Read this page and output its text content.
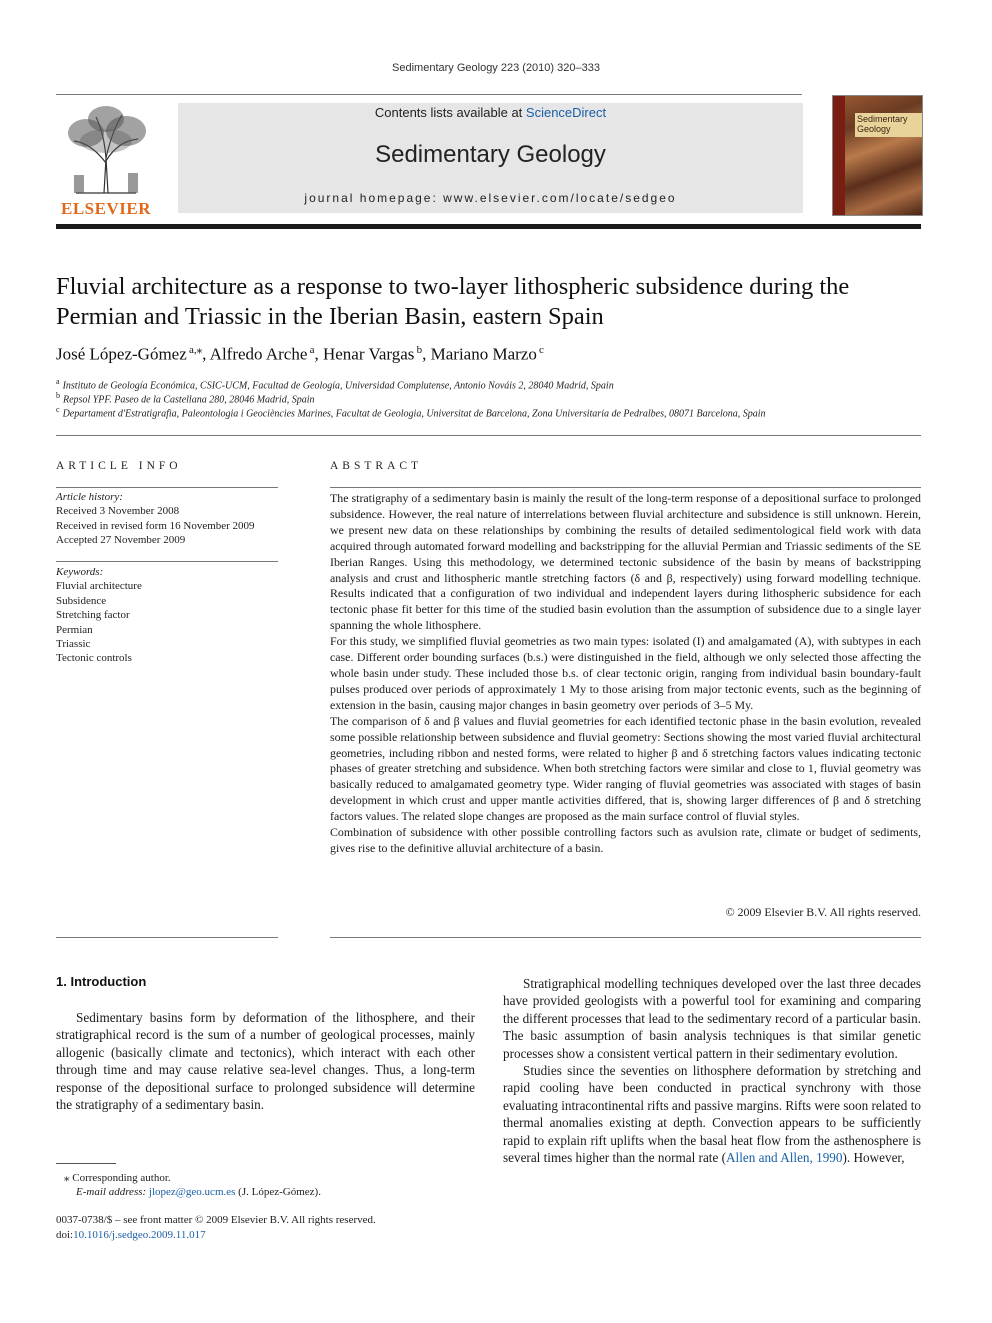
Sedimentary Geology 223 (2010) 320–333
ELSEVIER
Contents lists available at ScienceDirect
Sedimentary Geology
journal homepage: www.elsevier.com/locate/sedgeo
Sedimentary Geology
Fluvial architecture as a response to two-layer lithospheric subsidence during the
Permian and Triassic in the Iberian Basin, eastern Spain
José López-Gómez  $^{a,⁎}$, Alfredo Arche  $^a$, Henar Vargas  $^b$, Mariano Marzo  $^c$
$^a$ Instituto de Geología Económica, CSIC-UCM, Facultad de Geología, Universidad Complutense, Antonio Nováis 2, 28040 Madrid, Spain
$^b$ Repsol YPF. Paseo de la Castellana 280, 28046 Madrid, Spain
$^c$ Departament d'Estratigrafia, Paleontologia i Geociències Marines, Facultat de Geologia, Universitat de Barcelona, Zona Universitaria de Pedralbes, 08071 Barcelona, Spain
ARTICLE INFO
Article history:
Received 3 November 2008
Received in revised form 16 November 2009
Accepted 27 November 2009
Keywords:
Fluvial architecture
Subsidence
Stretching factor
Permian
Triassic
Tectonic controls
ABSTRACT

The stratigraphy of a sedimentary basin is mainly the result of the long-term response of a depositional surface to prolonged subsidence. However, the real nature of interrelations between fluvial architecture and subsidence is still unknown. Herein, we present new data on these relationships by combining the results of detailed sedimentological field work with data acquired through automated forward modelling and backstripping for the alluvial Permian and Triassic sediments of the SE Iberian Ranges. Using this methodology, we determined tectonic subsidence of the basin by means of backstripping analysis and crust and lithospheric mantle stretching factors (δ and β, respectively) using forward modelling technique. Results indicated that a configuration of two individual and independent layers during lithospheric subsidence for each tectonic phase fit better for this time of the studied basin evolution than the assumption of subsidence due to a single layer spanning the whole lithosphere.

For this study, we simplified fluvial geometries as two main types: isolated (I) and amalgamated (A), with subtypes in each case. Different order bounding surfaces (b.s.) were distinguished in the field, although we only selected those affecting the whole basin under study. These included those b.s. of clear tectonic origin, ranging from individual basin boundary-fault pulses produced over periods of approximately 1 My to those arising from major tectonic events, such as the beginning of extension in the basin, causing major changes in basin geometry over periods of 3–5 My.

The comparison of δ and β values and fluvial geometries for each identified tectonic phase in the basin evolution, revealed some possible relationship between subsidence and fluvial geometry: Sections showing the most varied fluvial architectural geometries, including ribbon and nested forms, were related to higher β and δ stretching factors values indicating tectonic phases of greater stretching and subsidence. When both stretching factors were similar and close to 1, fluvial geometry was basically reduced to amalgamated geometry type. Wider ranging of fluvial geometries was associated with stages of basin development in which crust and upper mantle activities differed, that is, showing larger differences of β and δ stretching factors values. The related slope changes are proposed as the main surface control of fluvial styles.

Combination of subsidence with other possible controlling factors such as avulsion rate, climate or budget of sediments, gives rise to the definitive alluvial architecture of a basin.

© 2009 Elsevier B.V. All rights reserved.
1. Introduction

Sedimentary basins form by deformation of the lithosphere, and their stratigraphical record is the sum of a number of geological processes, mainly allogenic (basically climate and tectonics), which interact with each other through time and may cause relative sea-level changes. Thus, a long-term response of the depositional surface to prolonged subsidence will determine the stratigraphy of a sedimentary basin.

Stratigraphical modelling techniques developed over the last three decades have provided geologists with a powerful tool for examining and comparing the different processes that lead to the sedimentary record of a particular basin. The basic assumption of basin analysis techniques is that similar genetic processes show a consistent vertical pattern in their sedimentary evolution.

Studies since the seventies on lithosphere deformation by stretching and rapid cooling have been conducted in practical synchrony with those evaluating intracontinental rifts and passive margins. Rifts were soon related to thermal anomalies existing at depth. Convection appears to be sufficiently rapid to explain rift uplifts when the basal heat flow from the asthenosphere is several times higher than the normal rate (Allen and Allen, 1990). However,

⁎ Corresponding author.
E-mail address: jlopez@geo.ucm.es (J. López-Gómez).
0037-0738/$ – see front matter © 2009 Elsevier B.V. All rights reserved.
doi:10.1016/j.sedgeo.2009.11.017
